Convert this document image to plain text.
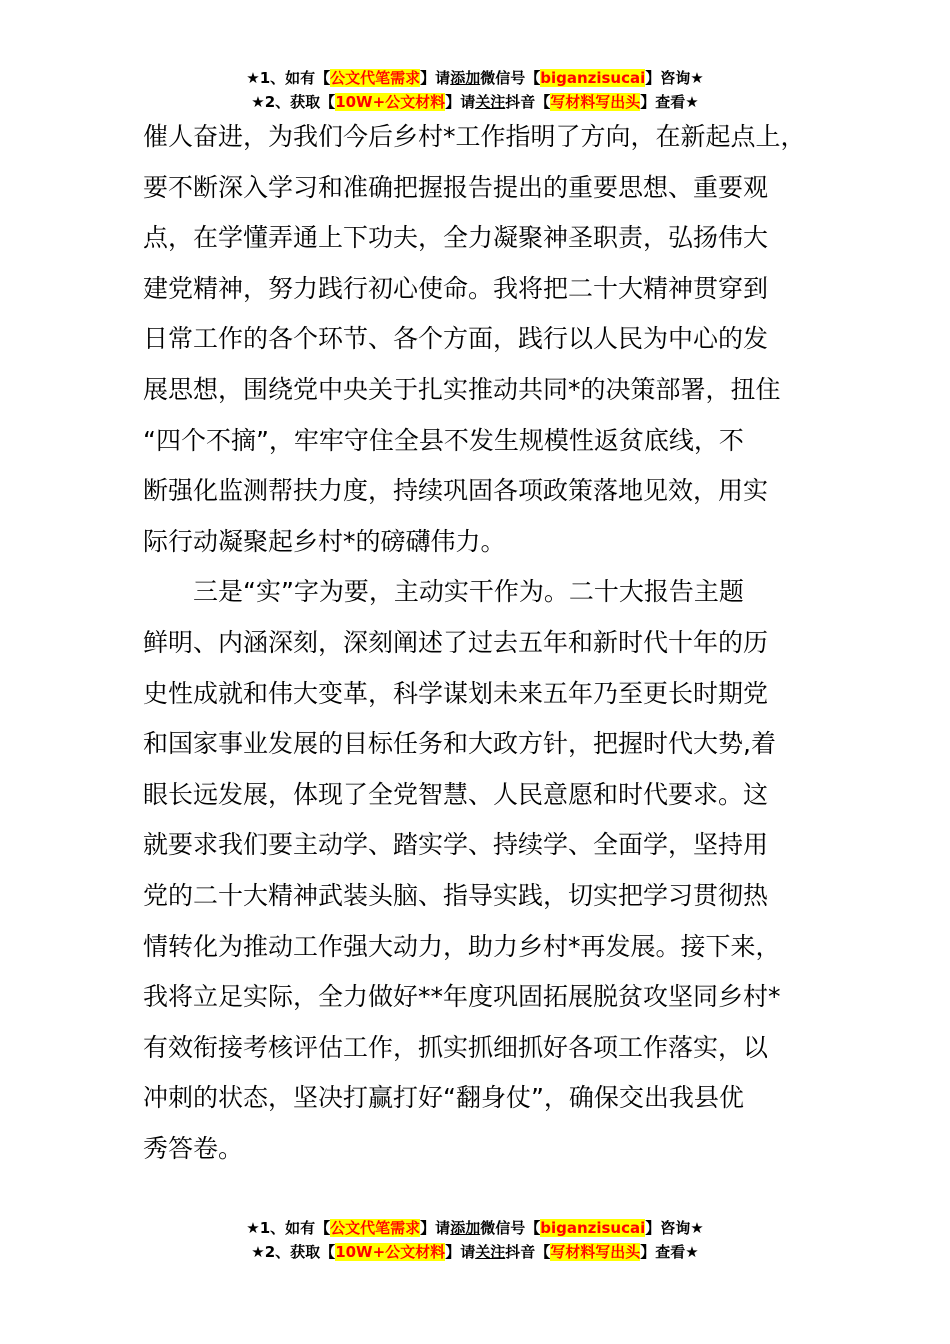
★1、如有【公文代笔需求】请添加微信号【biganzisucai】咨询★
★2、获取【10W+公文材料】请关注抖音【写材料写出头】查看★
催人奋进，为我们今后乡村*工作指明了方向，在新起点上，
要不断深入学习和准确把握报告提出的重要思想、重要观
点，在学懂弄通上下功夫，全力凝聚神圣职责，弘扬伟大
建党精神，努力践行初心使命。我将把二十大精神贯穿到
日常工作的各个环节、各个方面，践行以人民为中心的发
展思想，围绕党中央关于扎实推动共同*的决策部署，扭住
“四个不摘”，牢牢守住全县不发生规模性返贫底线，不
断强化监测帮扶力度，持续巩固各项政策落地见效，用实
际行动凝聚起乡村*的磅礴伟力。
　　三是“实”字为要，主动实干作为。二十大报告主题
鲜明、内涵深刻，深刻阐述了过去五年和新时代十年的历
史性成就和伟大变革，科学谋划未来五年乃至更长时期党
和国家事业发展的目标任务和大政方针，把握时代大势,着
眼长远发展，体现了全党智慧、人民意愿和时代要求。这
就要求我们要主动学、踏实学、持续学、全面学，坚持用
党的二十大精神武装头脑、指导实践，切实把学习贯彻热
情转化为推动工作强大动力，助力乡村*再发展。接下来，
我将立足实际，全力做好**年度巩固拓展脱贫攻坚同乡村*
有效衔接考核评估工作，抓实抓细抓好各项工作落实，以
冲刺的状态，坚决打赢打好“翻身仗”，确保交出我县优
秀答卷。
★1、如有【公文代笔需求】请添加微信号【biganzisucai】咨询★
★2、获取【10W+公文材料】请关注抖音【写材料写出头】查看★
